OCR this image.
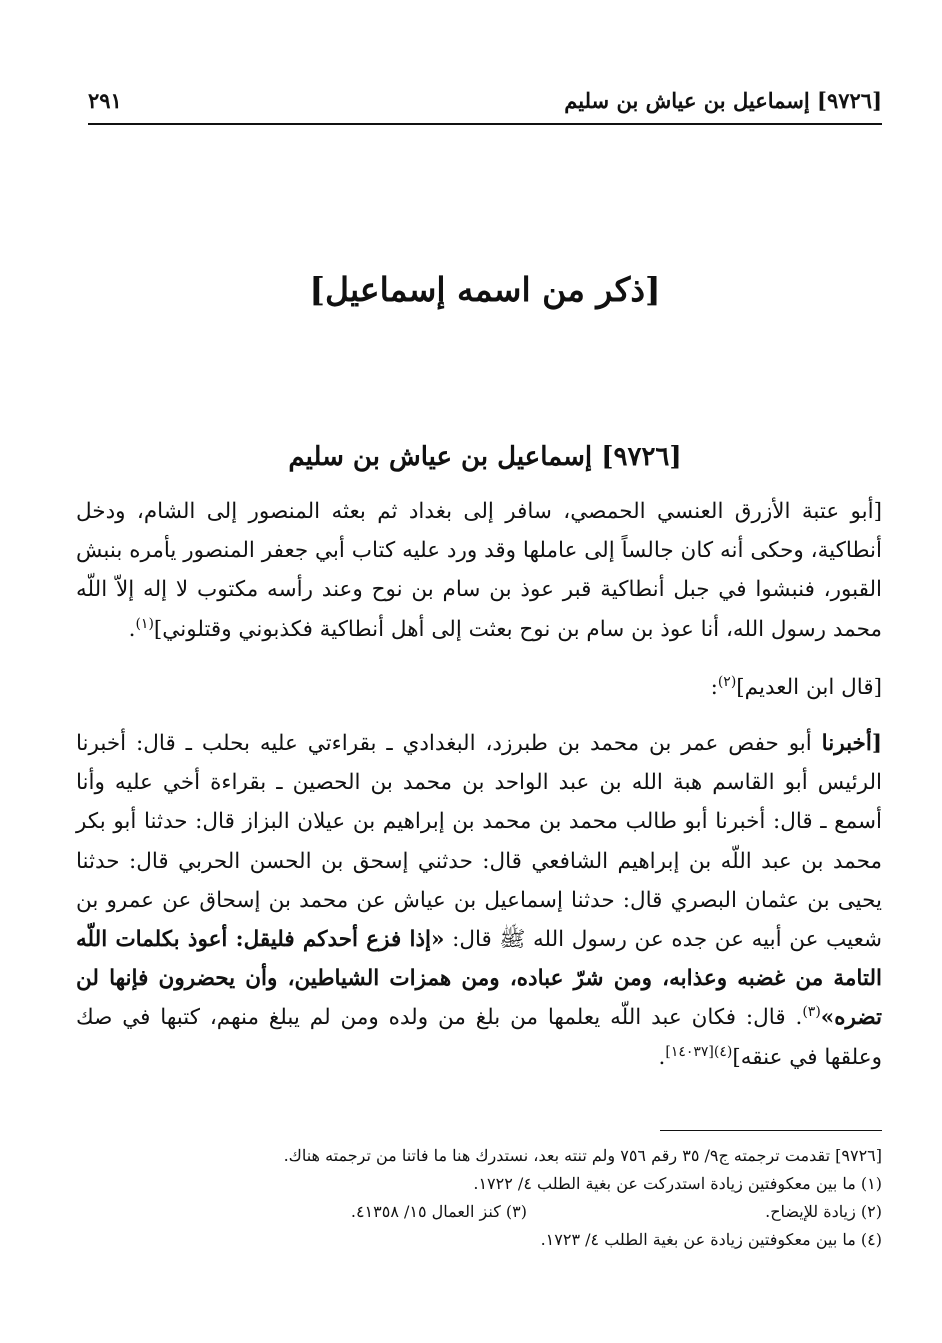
[٩٧٢٦] إسماعيل بن عياش بن سليم
٢٩١
[ذكر من اسمه إسماعيل]
[٩٧٢٦] إسماعيل بن عياش بن سليم

[أبو عتبة الأزرق العنسي الحمصي، سافر إلى بغداد ثم بعثه المنصور إلى الشام، ودخل أنطاكية، وحكى أنه كان جالساً إلى عاملها وقد ورد عليه كتاب أبي جعفر المنصور يأمره بنبش القبور، فنبشوا في جبل أنطاكية قبر عوذ بن سام بن نوح وعند رأسه مكتوب لا إله إلاّ اللّه محمد رسول الله، أنا عوذ بن سام بن نوح بعثت إلى أهل أنطاكية فكذبوني وقتلوني]$^{(١)}$.

[قال ابن العديم]$^{(٢)}$:

[أخبرنا أبو حفص عمر بن محمد بن طبرزد، البغدادي ـ بقراءتي عليه بحلب ـ قال: أخبرنا الرئيس أبو القاسم هبة الله بن عبد الواحد بن محمد بن الحصين ـ بقراءة أخي عليه وأنا أسمع ـ قال: أخبرنا أبو طالب محمد بن محمد بن إبراهيم بن عيلان البزاز قال: حدثنا أبو بكر محمد بن عبد اللّه بن إبراهيم الشافعي قال: حدثني إسحق بن الحسن الحربي قال: حدثنا يحيى بن عثمان البصري قال: حدثنا إسماعيل بن عياش عن محمد بن إسحاق عن عمرو بن شعيب عن أبيه عن جده عن رسول الله ﷺ قال: «إذا فزع أحدكم فليقل: أعوذ بكلمات اللّه التامة من غضبه وعذابه، ومن شرّ عباده، ومن همزات الشياطين، وأن يحضرون فإنها لن تضره»$^{(٣)}$. قال: فكان عبد اللّه يعلمها من بلغ من ولده ومن لم يبلغ منهم، كتبها في صك وعلقها في عنقه]$^{(٤)[١٤٠٣٧]}$.

[٩٧٢٦] تقدمت ترجمته ج٩/ ٣٥ رقم ٧٥٦ ولم تنته بعد، نستدرك هنا ما فاتنا من ترجمته هناك.
(١) ما بين معكوفتين زيادة استدركت عن بغية الطلب ٤/ ١٧٢٢.
(٢) زيادة للإيضاح.
(٣) كنز العمال ١٥/ ٤١٣٥٨.
(٤) ما بين معكوفتين زيادة عن بغية الطلب ٤/ ١٧٢٣.
